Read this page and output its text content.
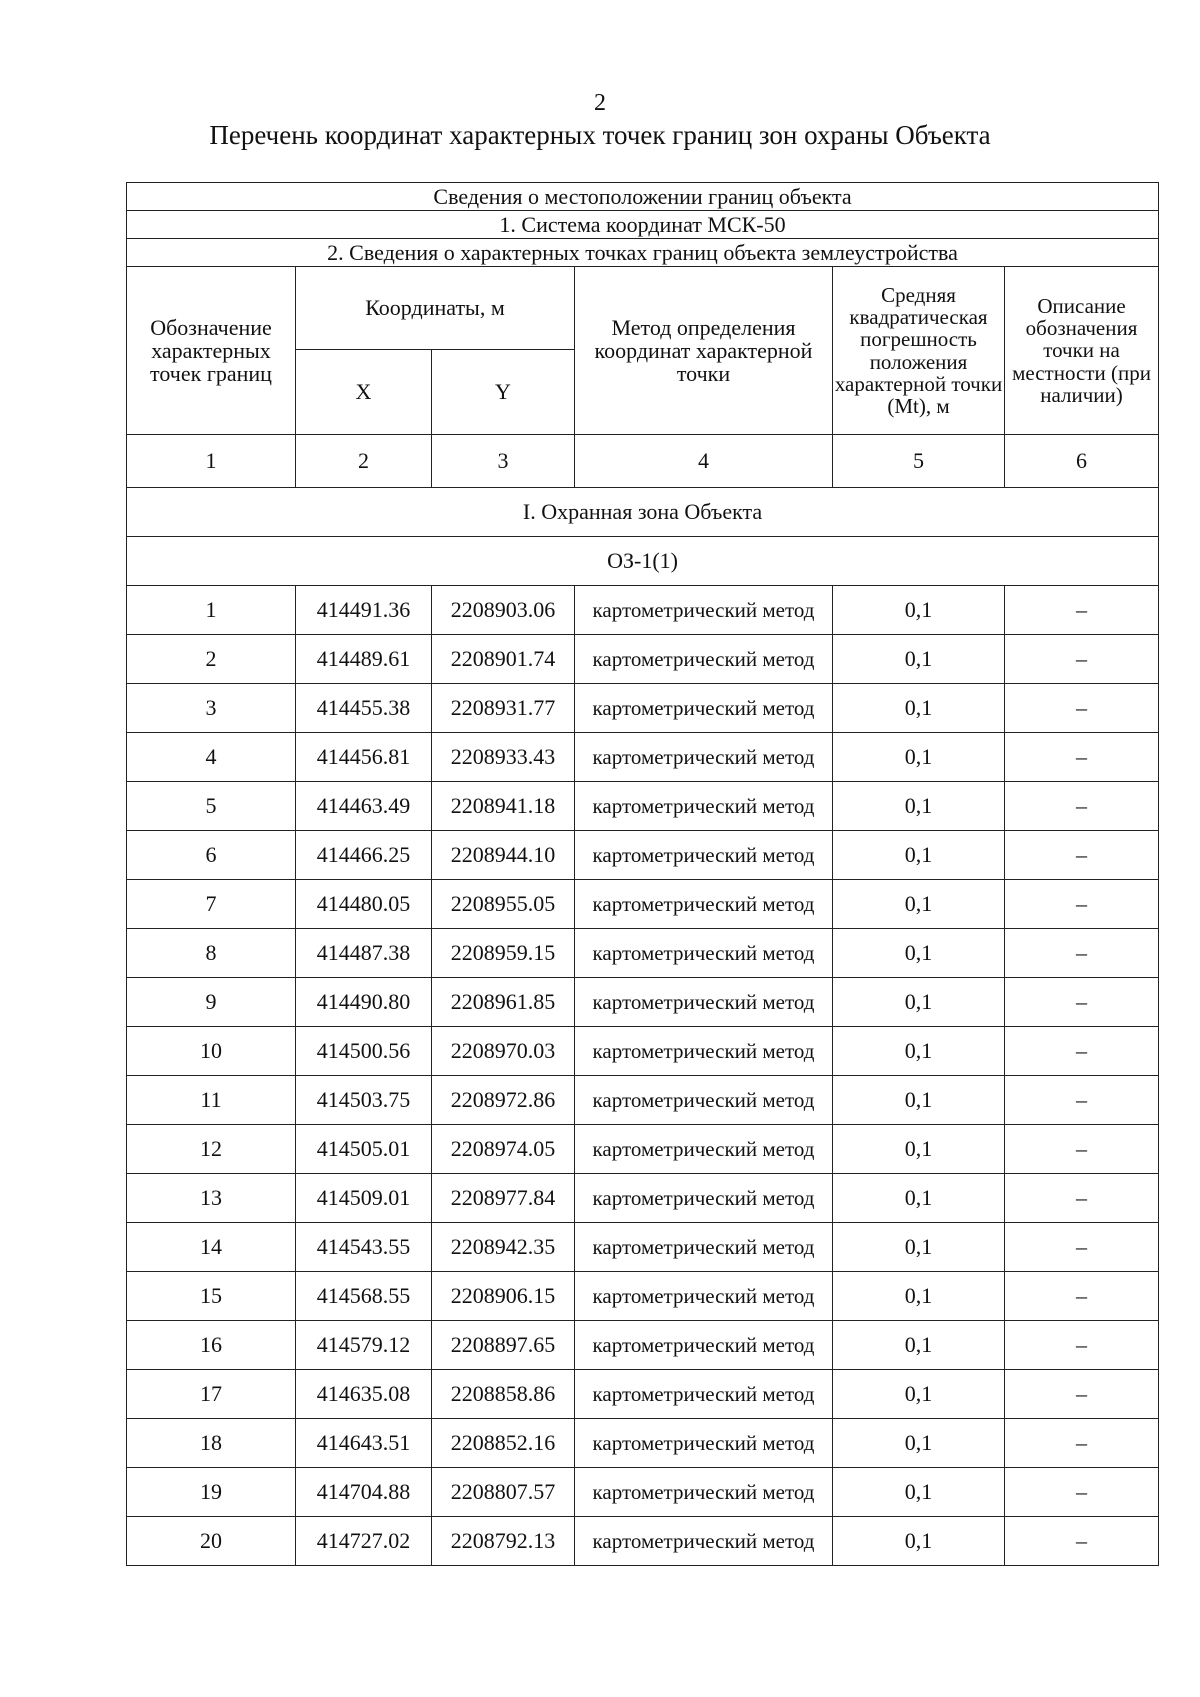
2
Перечень координат характерных точек границ зон охраны Объекта
Сведения о местоположении границ объекта					
1. Система координат МСК-50					
2. Сведения о характерных точках границ объекта землеустройства					
Обозначение характерных точек границ	Координаты, м		Метод определения координат характерной точки	Средняя квадратическая погрешность положения характерной точки (Mt), м	Описание обозначения точки на местности (при наличии)
	X	Y			
1	2	3	4	5	6
I. Охранная зона Объекта					
ОЗ-1(1)					
1	414491.36	2208903.06	картометрический метод	0,1	–
2	414489.61	2208901.74	картометрический метод	0,1	–
3	414455.38	2208931.77	картометрический метод	0,1	–
4	414456.81	2208933.43	картометрический метод	0,1	–
5	414463.49	2208941.18	картометрический метод	0,1	–
6	414466.25	2208944.10	картометрический метод	0,1	–
7	414480.05	2208955.05	картометрический метод	0,1	–
8	414487.38	2208959.15	картометрический метод	0,1	–
9	414490.80	2208961.85	картометрический метод	0,1	–
10	414500.56	2208970.03	картометрический метод	0,1	–
11	414503.75	2208972.86	картометрический метод	0,1	–
12	414505.01	2208974.05	картометрический метод	0,1	–
13	414509.01	2208977.84	картометрический метод	0,1	–
14	414543.55	2208942.35	картометрический метод	0,1	–
15	414568.55	2208906.15	картометрический метод	0,1	–
16	414579.12	2208897.65	картометрический метод	0,1	–
17	414635.08	2208858.86	картометрический метод	0,1	–
18	414643.51	2208852.16	картометрический метод	0,1	–
19	414704.88	2208807.57	картометрический метод	0,1	–
20	414727.02	2208792.13	картометрический метод	0,1	–
